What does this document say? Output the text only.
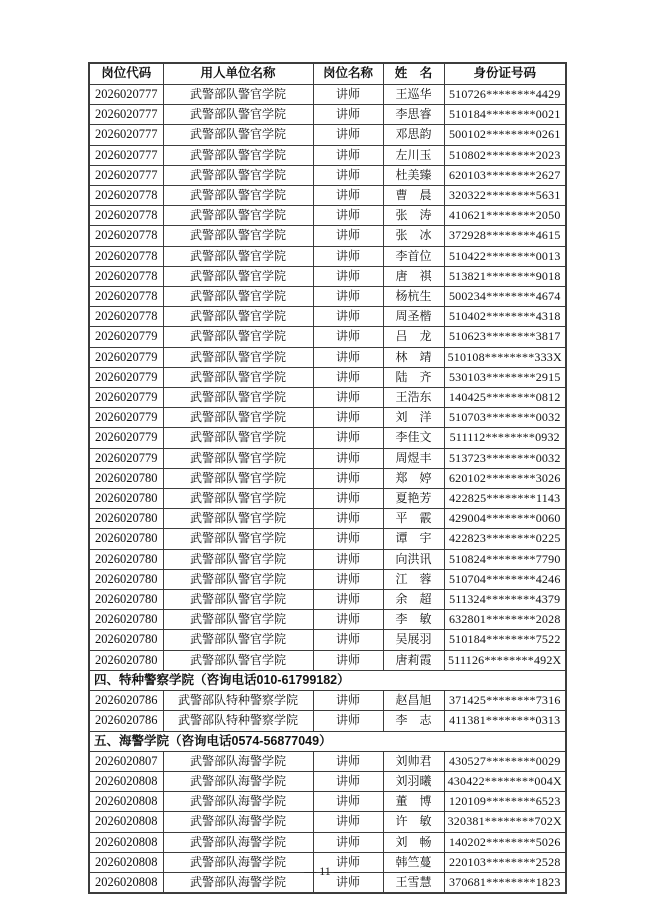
岗位代码	用人单位名称	岗位名称	姓　名	身份证号码
2026020777	武警部队警官学院	讲师	王巡华	510726********4429
2026020777	武警部队警官学院	讲师	李思睿	510184********0021
2026020777	武警部队警官学院	讲师	邓思韵	500102********0261
2026020777	武警部队警官学院	讲师	左川玉	510802********2023
2026020777	武警部队警官学院	讲师	杜美臻	620103********2627
2026020778	武警部队警官学院	讲师	曹　晨	320322********5631
2026020778	武警部队警官学院	讲师	张　涛	410621********2050
2026020778	武警部队警官学院	讲师	张　冰	372928********4615
2026020778	武警部队警官学院	讲师	李首位	510422********0013
2026020778	武警部队警官学院	讲师	唐　祺	513821********9018
2026020778	武警部队警官学院	讲师	杨杭生	500234********4674
2026020778	武警部队警官学院	讲师	周圣楷	510402********4318
2026020779	武警部队警官学院	讲师	吕　龙	510623********3817
2026020779	武警部队警官学院	讲师	林　靖	510108********333X
2026020779	武警部队警官学院	讲师	陆　齐	530103********2915
2026020779	武警部队警官学院	讲师	王浩东	140425********0812
2026020779	武警部队警官学院	讲师	刘　洋	510703********0032
2026020779	武警部队警官学院	讲师	李佳文	511112********0932
2026020779	武警部队警官学院	讲师	周煜丰	513723********0032
2026020780	武警部队警官学院	讲师	郑　婷	620102********3026
2026020780	武警部队警官学院	讲师	夏艳芳	422825********1143
2026020780	武警部队警官学院	讲师	平　霰	429004********0060
2026020780	武警部队警官学院	讲师	谭　宇	422823********0225
2026020780	武警部队警官学院	讲师	向洪讯	510824********7790
2026020780	武警部队警官学院	讲师	江　蓉	510704********4246
2026020780	武警部队警官学院	讲师	余　超	511324********4379
2026020780	武警部队警官学院	讲师	李　敏	632801********2028
2026020780	武警部队警官学院	讲师	吴展羽	510184********7522
2026020780	武警部队警官学院	讲师	唐莉霞	511126********492X
四、特种警察学院（咨询电话010-61799182）				
2026020786	武警部队特种警察学院	讲师	赵昌旭	371425********7316
2026020786	武警部队特种警察学院	讲师	李　志	411381********0313
五、海警学院（咨询电话0574-56877049）				
2026020807	武警部队海警学院	讲师	刘帅君	430527********0029
2026020808	武警部队海警学院	讲师	刘羽曦	430422********004X
2026020808	武警部队海警学院	讲师	董　博	120109********6523
2026020808	武警部队海警学院	讲师	许　敏	320381********702X
2026020808	武警部队海警学院	讲师	刘　畅	140202********5026
2026020808	武警部队海警学院	讲师	韩竺蔓	220103********2528
2026020808	武警部队海警学院	讲师	王雪慧	370681********1823
— 11 —
